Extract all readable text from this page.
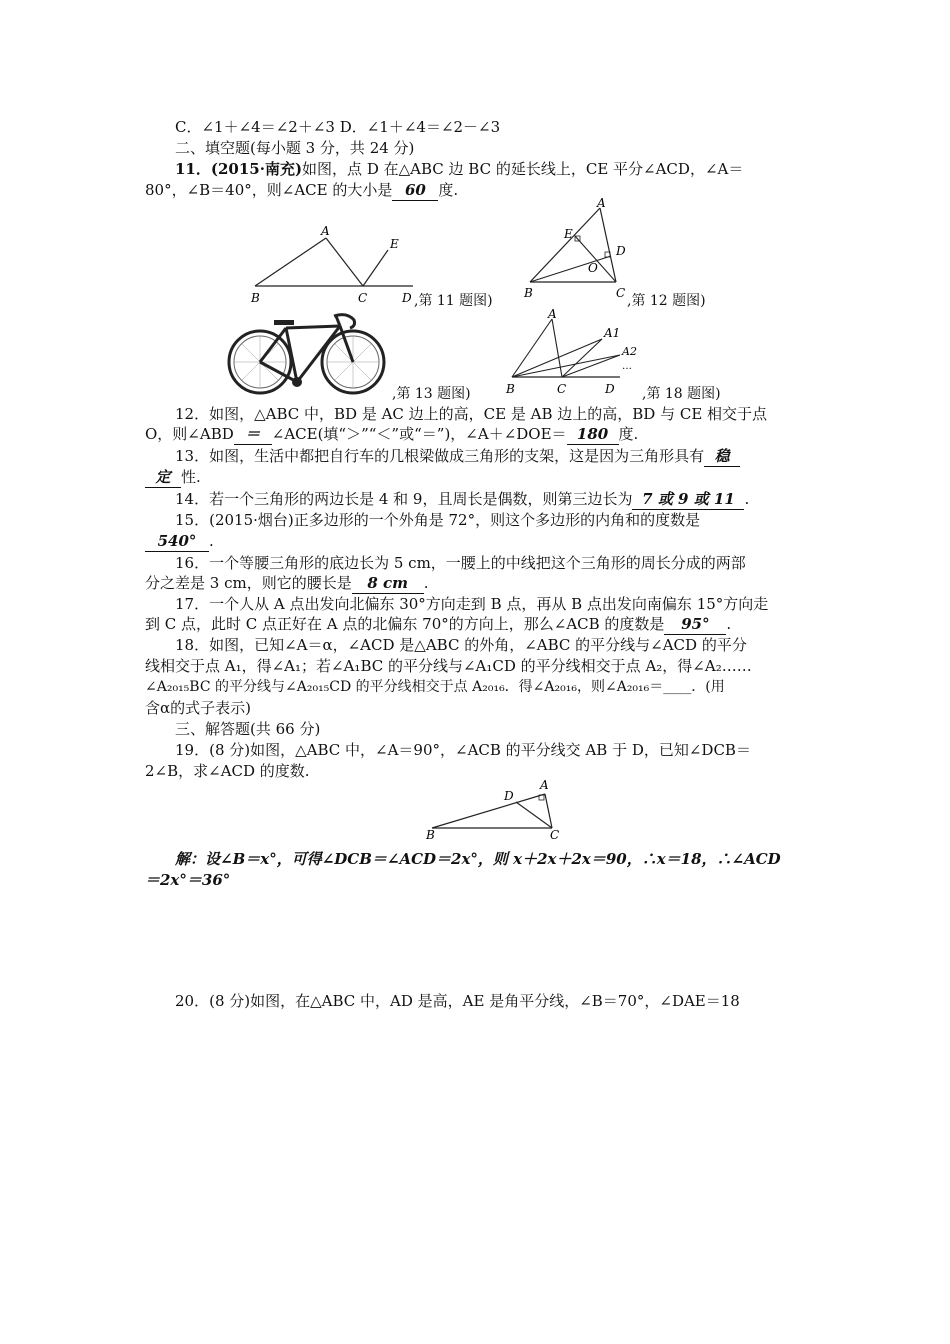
C．∠1＋∠4＝∠2＋∠3 D．∠1＋∠4＝∠2－∠3
二、填空题(每小题 3 分，共 24 分)
11．(2015·南充)如图，点 D 在△ABC 边 BC 的延长线上，CE 平分∠ACD，∠A＝
80°，∠B＝40°，则∠ACE 的大小是 60 度.
A
B	C	D
E
,第 11 题图)
A
B	C
D
E
O
,第 12 题图)
,第 13 题图)
A
A1
A2
B	C	D
…
,第 18 题图)
12．如图，△ABC 中，BD 是 AC 边上的高，CE 是 AB 边上的高，BD 与 CE 相交于点
O，则∠ABD ＝ ∠ACE(填“＞”“＜”或“＝”)，∠A＋∠DOE＝ 180 度.
13．如图，生活中都把自行车的几根梁做成三角形的支架，这是因为三角形具有 稳
定 性.
14．若一个三角形的两边长是 4 和 9，且周长是偶数，则第三边长为 7 或 9 或 11 .
15．(2015·烟台)正多边形的一个外角是 72°，则这个多边形的内角和的度数是
540° .
16．一个等腰三角形的底边长为 5 cm，一腰上的中线把这个三角形的周长分成的两部
分之差是 3 cm，则它的腰长是 8 cm .
17．一个人从 A 点出发向北偏东 30°方向走到 B 点，再从 B 点出发向南偏东 15°方向走
到 C 点，此时 C 点正好在 A 点的北偏东 70°的方向上，那么∠ACB 的度数是 95° .
18．如图，已知∠A＝α，∠ACD 是△ABC 的外角，∠ABC 的平分线与∠ACD 的平分
线相交于点 A₁，得∠A₁；若∠A₁BC 的平分线与∠A₁CD 的平分线相交于点 A₂，得∠A₂……
∠A₂₀₁₅BC 的平分线与∠A₂₀₁₅CD 的平分线相交于点 A₂₀₁₆．得∠A₂₀₁₆，则∠A₂₀₁₆＝____．(用
含α的式子表示)
三、解答题(共 66 分)
19．(8 分)如图，△ABC 中，∠A＝90°，∠ACB 的平分线交 AB 于 D，已知∠DCB＝
2∠B，求∠ACD 的度数.
A
B	C
D
解：设∠B＝x°，可得∠DCB＝∠ACD＝2x°，则 x＋2x＋2x＝90，∴x＝18，∴∠ACD
＝2x°＝36°
20．(8 分)如图，在△ABC 中，AD 是高，AE 是角平分线，∠B＝70°，∠DAE＝18
